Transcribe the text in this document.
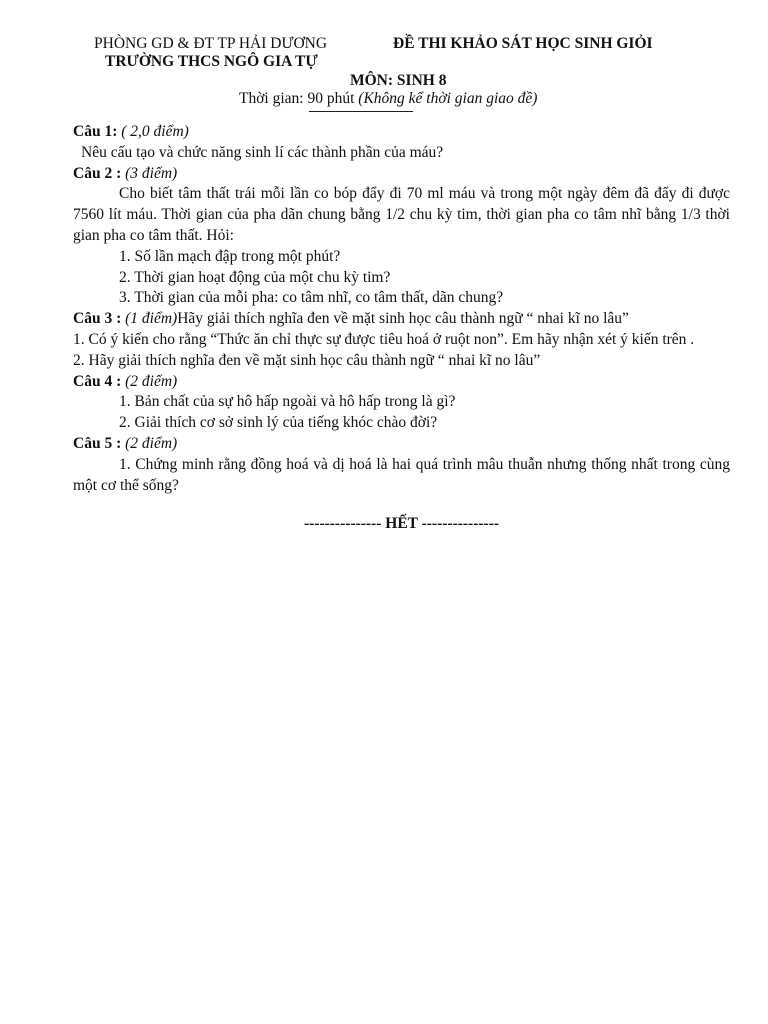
PHÒNG GD & ĐT TP HẢI DƯƠNG
TRƯỜNG THCS NGÔ GIA TỰ
ĐỀ THI KHẢO SÁT HỌC SINH GIỎI
MÔN: SINH 8
Thời gian: 90 phút (Không kể thời gian giao đề)

Câu 1: ( 2,0 điểm)

Nêu cấu tạo và chức năng sinh lí các thành phần của máu?

Câu 2 : (3 điểm)

Cho biết tâm thất trái mỗi lần co bóp đẩy đi 70 ml máu và trong một ngày đêm đã đẩy đi được 7560 lít máu. Thời gian của pha dãn chung bằng 1/2 chu kỳ tim, thời gian pha co tâm nhĩ bằng 1/3 thời gian pha co tâm thất. Hỏi:

1. Số lần mạch đập trong một phút?

2. Thời gian hoạt động của một chu kỳ tim?

3. Thời gian của mỗi pha: co tâm nhĩ, co tâm thất, dãn chung?

Câu 3 : (1 điểm)Hãy giải thích nghĩa đen về mặt sinh học câu thành ngữ “ nhai kĩ no lâu”

1. Có ý kiến cho rằng “Thức ăn chỉ thực sự được tiêu hoá ở ruột non”. Em hãy nhận xét ý kiến trên .

2. Hãy giải thích nghĩa đen về mặt sinh học câu thành ngữ “ nhai kĩ no lâu”

Câu 4 : (2 điểm)

1. Bản chất của sự hô hấp ngoài và hô hấp trong là gì?

2. Giải thích cơ sở sinh lý của tiếng khóc chào đời?

Câu 5 : (2 điểm)

1. Chứng minh rằng đồng hoá và dị hoá là hai quá trình mâu thuẫn nhưng thống nhất trong cùng một cơ thể sống?

--------------- HẾT ---------------
